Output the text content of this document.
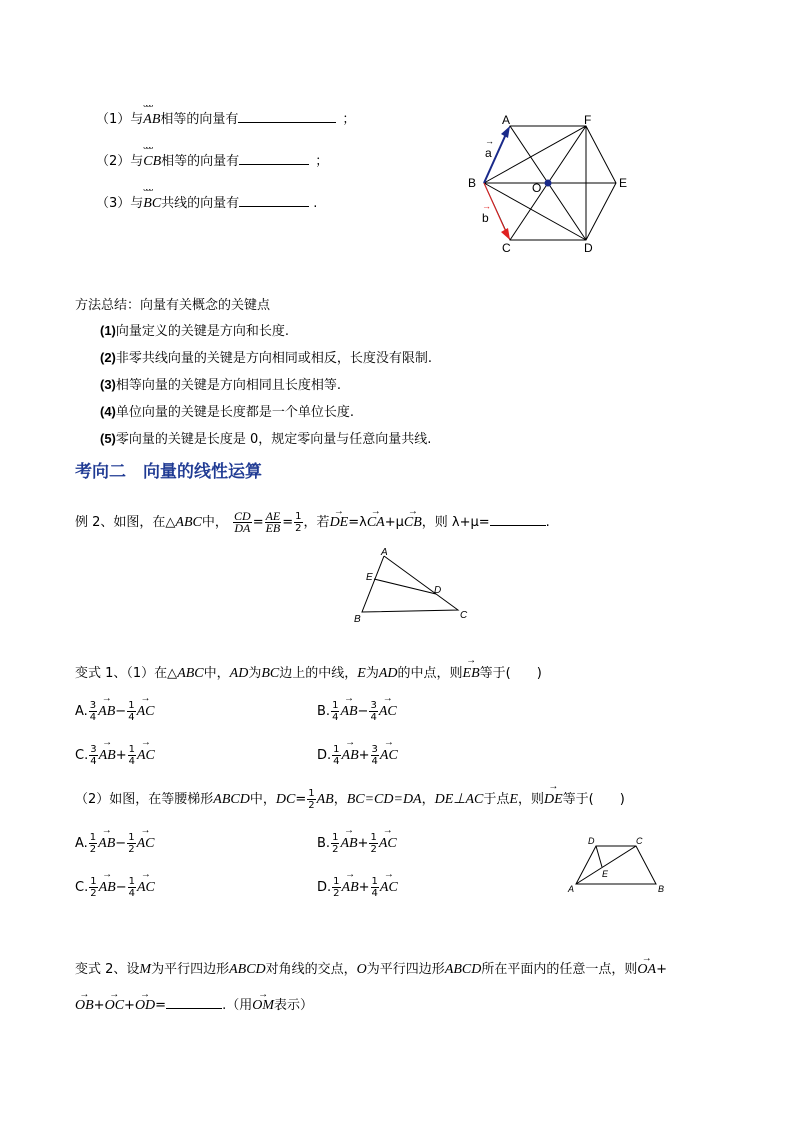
（1）与ᴗᴗᴗ AB相等的向量有	；
（2）与ᴗᴗᴗ CB相等的向量有	；
（3）与ᴗᴗᴗ BC共线的向量有	.
A	F
B	O	E
C	D
a
→
b
→
方法总结：向量有关概念的关键点
(1)向量定义的关键是方向和长度.
(2)非零共线向量的关键是方向相同或相反，长度没有限制.
(3)相等向量的关键是方向相同且长度相等.
(4)单位向量的关键是长度都是一个单位长度.
(5)零向量的关键是长度是 0，规定零向量与任意向量共线.
考向二　向量的线性运算
例 2、如图，在△ABC中， $\frac{CD}{DA} = \frac{AE}{EB} = \frac{1}{2}$ ，若→ DE=λ→ CA+μ→ CB，则 λ+μ=	.
A
B	C
D
E
变式 1、（1）在△ABC中，AD为BC边上的中线，E为AD的中点，则→ EB等于(　　)
A. $\frac{3}{4}$
→ $AB- \frac{1}{4}$
→ AC	B. $\frac{1}{4}$
→ $AB- \frac{3}{4}$
→ AC
C. $\frac{3}{4}$
→ $AB+ \frac{1}{4}$
→ AC	D. $\frac{1}{4}$
→ $AB+ \frac{3}{4}$
→ AC
（2）如图，在等腰梯形ABCD中，$DC= \frac{1}{2}$ AB，BC=CD=DA，DE⊥AC于点E，则→ DE等于(　　)
A. $\frac{1}{2}$
→ $AB- \frac{1}{2}$
→ AC	B. $\frac{1}{2}$
→ $AB+ \frac{1}{2}$
→ AC
C. $\frac{1}{2}$
→ $AB- \frac{1}{4}$
→ AC	D. $\frac{1}{2}$
→ $AB+ \frac{1}{4}$
→ AC	A	B
C
D
E
变式 2、设M为平行四边形ABCD对角线的交点，O为平行四边形ABCD所在平面内的任意一点，则→ OA+
→ OB+→ OC+→ OD=	.（用→ OM表示）
